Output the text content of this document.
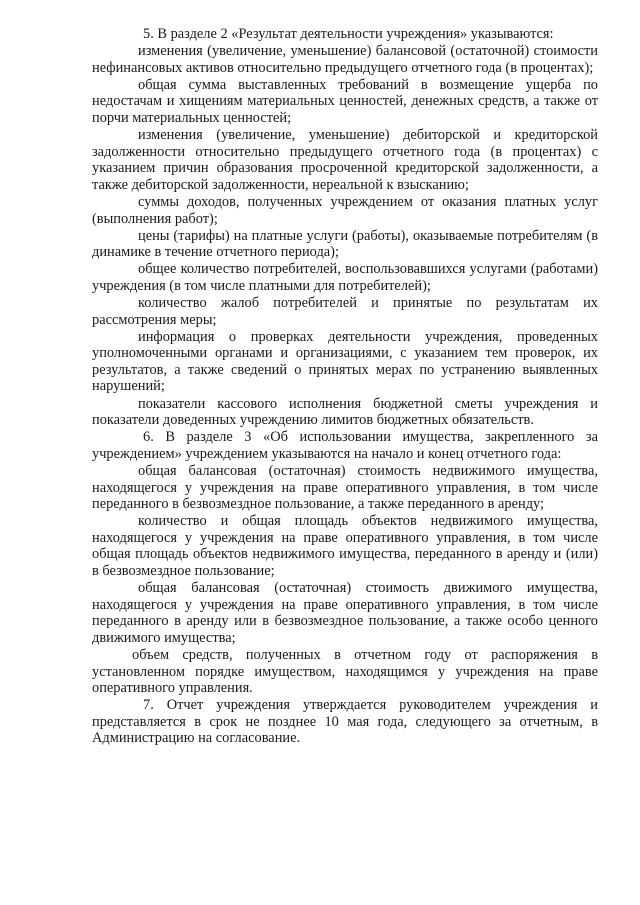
5. В разделе 2 «Результат деятельности учреждения» указываются:

изменения (увеличение, уменьшение) балансовой (остаточной) стоимости нефинансовых активов относительно предыдущего отчетного года (в процентах);

общая сумма выставленных требований в возмещение ущерба по недостачам и хищениям материальных ценностей, денежных средств, а также от порчи материальных ценностей;

изменения (увеличение, уменьшение) дебиторской и кредиторской задолженности относительно предыдущего отчетного года (в процентах) с указанием причин образования просроченной кредиторской задолженности, а также дебиторской задолженности, нереальной к взысканию;

суммы доходов, полученных учреждением от оказания платных услуг (выполнения работ);

цены (тарифы) на платные услуги (работы), оказываемые потребителям (в динамике в течение отчетного периода);

общее количество потребителей, воспользовавшихся услугами (работами) учреждения (в том числе платными для потребителей);

количество жалоб потребителей и принятые по результатам их рассмотрения меры;

информация о проверках деятельности учреждения, проведенных уполномоченными органами и организациями, с указанием тем проверок, их результатов, а также сведений о принятых мерах по устранению выявленных нарушений;

показатели кассового исполнения бюджетной сметы учреждения и показатели доведенных учреждению лимитов бюджетных обязательств.

6. В разделе 3 «Об использовании имущества, закрепленного за учреждением» учреждением указываются на начало и конец отчетного года:

общая балансовая (остаточная) стоимость недвижимого имущества, находящегося у учреждения на праве оперативного управления, в том числе переданного в безвозмездное пользование, а также переданного в аренду;

количество и общая площадь объектов недвижимого имущества, находящегося у учреждения на праве оперативного управления, в том числе общая площадь объектов недвижимого имущества, переданного в аренду и (или) в безвозмездное пользование;

общая балансовая (остаточная) стоимость движимого имущества, находящегося у учреждения на праве оперативного управления, в том числе переданного в аренду или в безвозмездное пользование, а также особо ценного движимого имущества;

объем средств, полученных в отчетном году от распоряжения в установленном порядке имуществом, находящимся у учреждения на праве оперативного управления.

7. Отчет учреждения утверждается руководителем учреждения и представляется в срок не позднее 10 мая года, следующего за отчетным, в Администрацию на согласование.
